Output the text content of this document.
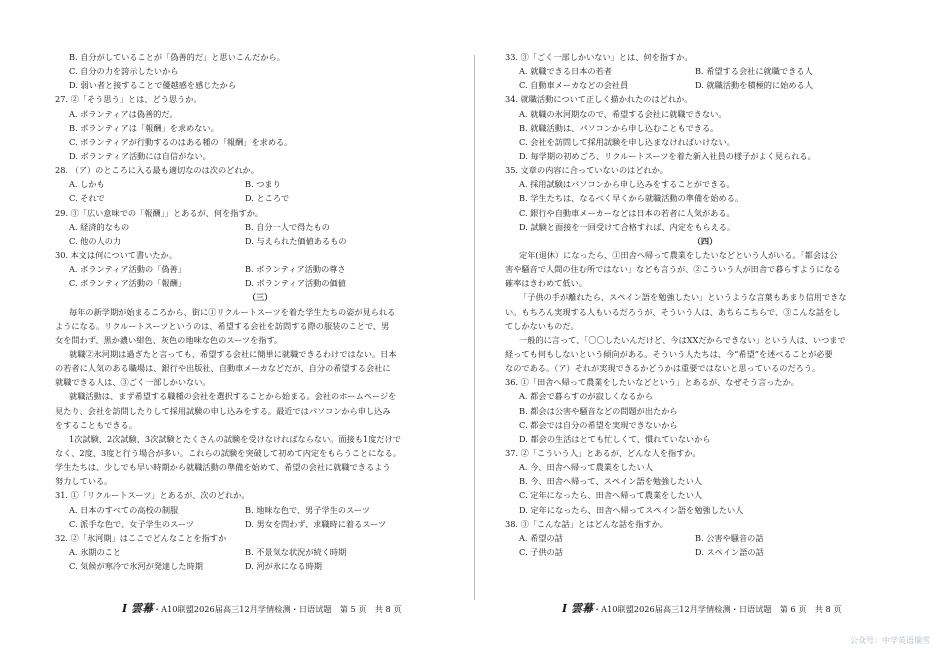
B. 自分がしていることが「偽善的だ」と思いこんだから。
C. 自分の力を誇示したいから
D. 弱い者と接することで優越感を感じたから
27. ②「そう思う」とは、どう思うか。
A. ボランティアは偽善的だ。
B. ボランティアは「報酬」を求めない。
C. ボランティアが行動するのはある種の「報酬」を求める。
D. ボランティア活動には自信がない。
28. （ア）のところに入る最も適切なのは次のどれか。
A. しかも	B. つまり
C. それで	D. ところで
29. ③「広い意味での「報酬」」とあるが、何を指すか。
A. 経済的なもの	B. 自分一人で得たもの
C. 他の人の力	D. 与えられた価値あるもの
30. 本文は何について書いたか。
A. ボランティア活動の「偽善」	B. ボランティア活動の尊さ
C. ボランティア活動の「報酬」	D. ボランティア活動の価値
（三）
毎年の新学期が始まるころから、街に①リクルートスーツを着た学生たちの姿が見られる
ようになる。リクルートスーツというのは、希望する会社を訪問する際の服装のことで、男
女を問わず、黒か濃い紺色、灰色の地味な色のスーツを指す。
就職②氷河期は過ぎたと言っても、希望する会社に簡単に就職できるわけではない。日本
の若者に人気のある職場は、銀行や出版社、自動車メーカなどだが、自分の希望する会社に
就職できる人は、③ごく一部しかいない。
就職活動は、まず希望する職種の会社を選択することから始まる。会社のホームページを
見たり、会社を訪問したりして採用試験の申し込みをする。最近ではパソコンから申し込み
をすることもできる。
1次試験、2次試験、3次試験とたくさんの試験を受けなければならない。面接も1度だけで
なく、2度、3度と行う場合が多い。これらの試験を突破して初めて内定をもらうことになる。
学生たちは、少しでも早い時期から就職活動の準備を始めて、希望の会社に就職できるよう
努力している。
31. ①「リクルートスーツ」とあるが、次のどれか。
A. 日本のすべての高校の制服	B. 地味な色で、男子学生のスーツ
C. 派手な色で、女子学生のスーツ	D. 男女を問わず、求職時に着るスーツ
32. ②「氷河期」はここでどんなことを指すか
A. 氷期のこと	B. 不景気な状況が続く時期
C. 気候が寒冷で氷河が発達した時期	D. 河が氷になる時期
I 雲幕・A10联盟2026届高三12月学情检测・日语试题　第 5 页　共 8 页
33. ③「ごく一部しかいない」とは、何を指すか。
A. 就職できる日本の若者	B. 希望する会社に就職できる人
C. 自動車メーカなどの会社員	D. 就職活動を積極的に始める人
34. 就職活動について正しく描かれたのはどれか。
A. 就職の氷河期なので、希望する会社に就職できない。
B. 就職活動は、パソコンから申し込むこともできる。
C. 会社を訪問して採用試験を申し込まなければいけない。
D. 毎学期の初めごろ、リクルートスーツを着た新入社員の様子がよく見られる。
35. 文章の内容に合っていないのはどれか。
A. 採用試験はパソコンから申し込みをすることができる。
B. 学生たちは、なるべく早くから就職活動の準備を始める。
C. 銀行や自動車メーカーなどは日本の若者に人気がある。
D. 試験と面接を一回受けて合格すれば、内定をもらえる。
（四）
定年(退休）になったら、①田舎へ帰って農業をしたいなどという人がいる。「都会は公
害や騒音で人間の住む所ではない」なども言うが、②こういう人が田舎で暮らすようになる
確率はきわめて低い。
「子供の手が離れたら、スペイン語を勉強したい」というような言葉もあまり信用できな
い。もちろん実現する人もいるだろうが、そういう人は、あちらこちらで、③こんな話をし
てしかないものだ。
一般的に言って、「〇〇したいんだけど、今はXXだからできない」という人は、いつまで
経っても何もしないという傾向がある。そういう人たちは、今“希望”を述べることが必要
なのである。（ア）それが実現できるかどうかは重要ではないと思っているのだろう。
36. ①「田舎へ帰って農業をしたいなどという」とあるが、なぜそう言ったか。
A. 都会で暮らすのが寂しくなるから
B. 都会は公害や騒音などの問題が出たから
C. 都会では自分の希望を実現できないから
D. 都会の生活はとても忙しくて、慣れていないから
37. ②「こういう人」とあるが、どんな人を指すか。
A. 今、田舎へ帰って農業をしたい人
B. 今、田舎へ帰って、スペイン語を勉強したい人
C. 定年になったら、田舎へ帰って農業をしたい人
D. 定年になったら、田舎へ帰ってスペイン語を勉強したい人
38. ③「こんな話」とはどんな話を指すか。
A. 希望の話	B. 公害や騒音の話
C. 子供の話	D. スペイン語の話
I 雲幕・A10联盟2026届高三12月学情检测・日语试题　第 6 页　共 8 页
公众号：中学英语瑞雪
